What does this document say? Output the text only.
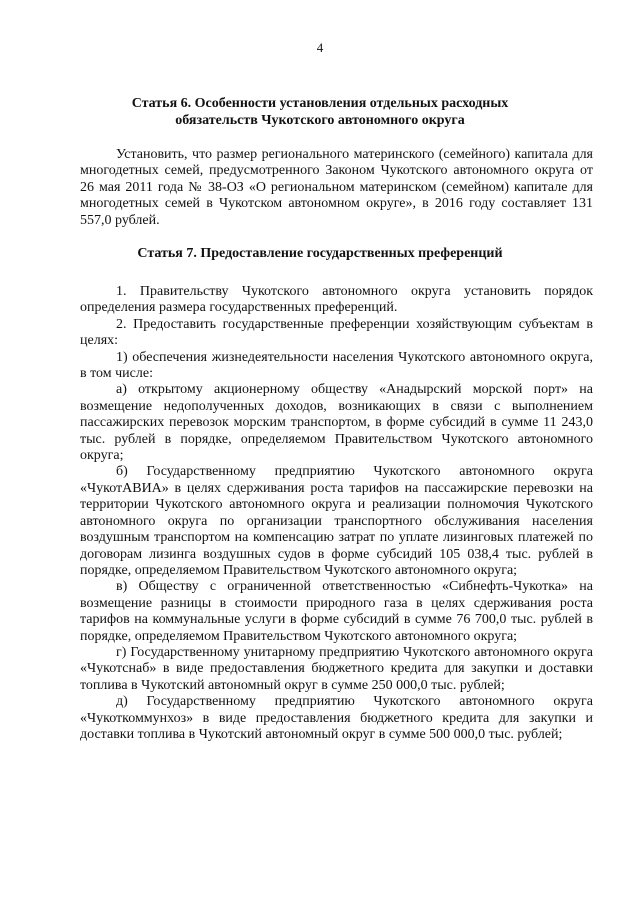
4
Статья 6. Особенности установления отдельных расходных
обязательств Чукотского автономного округа

Установить, что размер регионального материнского (семейного) капитала для многодетных семей, предусмотренного Законом Чукотского автономного округа от 26 мая 2011 года № 38-ОЗ «О региональном материнском (семейном) капитале для многодетных семей в Чукотском автономном округе», в 2016 году составляет 131 557,0 рублей.

Статья 7. Предоставление государственных преференций

1. Правительству Чукотского автономного округа установить порядок определения размера государственных преференций.

2. Предоставить государственные преференции хозяйствующим субъектам в целях:

1) обеспечения жизнедеятельности населения Чукотского автономного округа, в том числе:

а) открытому акционерному обществу «Анадырский морской порт» на возмещение недополученных доходов, возникающих в связи с выполнением пассажирских перевозок морским транспортом, в форме субсидий в сумме 11 243,0 тыс. рублей в порядке, определяемом Правительством Чукотского автономного округа;

б) Государственному предприятию Чукотского автономного округа «ЧукотАВИА» в целях сдерживания роста тарифов на пассажирские перевозки на территории Чукотского автономного округа и реализации полномочия Чукотского автономного округа по организации транспортного обслуживания населения воздушным транспортом на компенсацию затрат по уплате лизинговых платежей по договорам лизинга воздушных судов в форме субсидий 105 038,4 тыс. рублей в порядке, определяемом Правительством Чукотского автономного округа;

в) Обществу с ограниченной ответственностью «Сибнефть-Чукотка» на возмещение разницы в стоимости природного газа в целях сдерживания роста тарифов на коммунальные услуги в форме субсидий в сумме 76 700,0 тыс. рублей в порядке, определяемом Правительством Чукотского автономного округа;

г) Государственному унитарному предприятию Чукотского автономного округа «Чукотснаб» в виде предоставления бюджетного кредита для закупки и доставки топлива в Чукотский автономный округ в сумме 250 000,0 тыс. рублей;

д) Государственному предприятию Чукотского автономного округа «Чукоткоммунхоз» в виде предоставления бюджетного кредита для закупки и доставки топлива в Чукотский автономный округ в сумме 500 000,0 тыс. рублей;
